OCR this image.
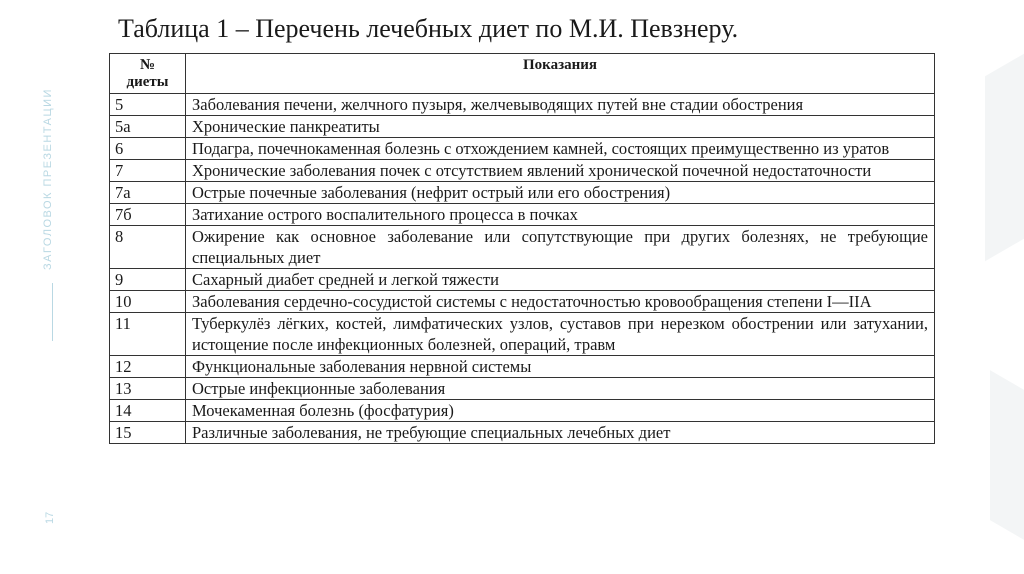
ЗАГОЛОВОК ПРЕЗЕНТАЦИИ
17
Таблица 1 – Перечень лечебных диет по М.И. Певзнеру.
№
диеты	Показания
5	Заболевания печени, желчного пузыря, желчевыводящих путей вне стадии обострения
5а	Хронические панкреатиты
6	Подагра, почечнокаменная болезнь с отхождением камней, состоящих преимущественно из уратов
7	Хронические заболевания почек с отсутствием явлений хронической почечной недостаточности
7а	Острые почечные заболевания (нефрит острый или его обострения)
7б	Затихание острого воспалительного процесса в почках
8	Ожирение как основное заболевание или сопутствующие при других болезнях, не требующие специальных диет
9	Сахарный диабет средней и легкой тяжести
10	Заболевания сердечно-сосудистой системы с недостаточностью кровообращения степени I—IIA
11	Туберкулёз лёгких, костей, лимфатических узлов, суставов при нерезком обострении или затухании, истощение после инфекционных болезней, операций, травм
12	Функциональные заболевания нервной системы
13	Острые инфекционные заболевания
14	Мочекаменная болезнь (фосфатурия)
15	Различные заболевания, не требующие специальных лечебных диет
